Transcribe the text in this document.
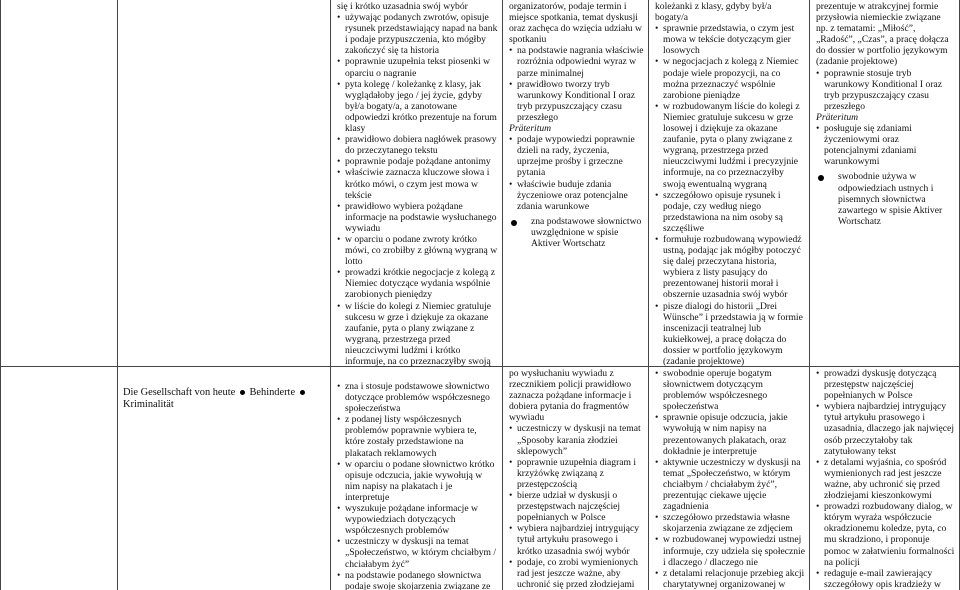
się i krótko uzasadnia swój wybór

• używając podanych zwrotów, opisuje rysunek przedstawiający napad na bank i podaje przypuszczenia, kto mógłby zakończyć się ta historia

• poprawnie uzupełnia tekst piosenki w oparciu o nagranie

• pyta kolegę / koleżankę z klasy, jak wyglądałoby jego / jej życie, gdyby był/a bogaty/a, a zanotowane odpowiedzi krótko prezentuje na forum klasy

• prawidłowo dobiera nagłówek prasowy do przeczytanego tekstu

• poprawnie podaje pożądane antonimy

• właściwie zaznacza kluczowe słowa i krótko mówi, o czym jest mowa w tekście

• prawidłowo wybiera pożądane informacje na podstawie wysłuchanego wywiadu

• w oparciu o podane zwroty krótko mówi, co zrobiłby z główną wygraną w lotto

• prowadzi krótkie negocjacje z kolegą z Niemiec dotyczące wydania wspólnie zarobionych pieniędzy

• w liście do kolegi z Niemiec gratuluje sukcesu w grze i dziękuje za okazane zaufanie, pyta o plany związane z wygraną, przestrzega przed nieuczciwymi ludźmi i krótko informuje, na co przeznaczyłby swoją

organizatorów, podaje termin i miejsce spotkania, temat dyskusji oraz zachęca do wzięcia udziału w spotkaniu

• na podstawie nagrania właściwie rozróżnia odpowiedni wyraz w parze minimalnej

• prawidłowo tworzy tryb warunkowy Konditional I oraz tryb przypuszczający czasu przeszłego

Präteritum

• podaje wypowiedzi poprawnie dzieli na rady, życzenia, uprzejme prośby i grzeczne pytania

• właściwie buduje zdania życzeniowe oraz potencjalne zdania warunkowe

zna podstawowe słownictwo uwzględnione w spisie Aktiver Wortschatz

koleżanki z klasy, gdyby był/a bogaty/a

• sprawnie przedstawia, o czym jest mowa w tekście dotyczącym gier losowych

• w negocjacjach z kolegą z Niemiec podaje wiele propozycji, na co można przeznaczyć wspólnie zarobione pieniądze

• w rozbudowanym liście do kolegi z Niemiec gratuluje sukcesu w grze losowej i dziękuje za okazane zaufanie, pyta o plany związane z wygraną, przestrzega przed nieuczciwymi ludźmi i precyzyjnie informuje, na co przeznaczyłby swoją ewentualną wygraną

• szczegółowo opisuje rysunek i podaje, czy według niego przedstawiona na nim osoby są szczęśliwe

• formułuje rozbudowaną wypowiedź ustną, podając jak mógłby potoczyć się dalej przeczytana historia, wybiera z listy pasujący do prezentowanej historii morał i obszernie uzasadnia swój wybór

• pisze dialogi do historii „Drei Wünsche” i przedstawia ją w formie inscenizacji teatralnej lub kukiełkowej, a pracę dołącza do dossier w portfolio językowym (zadanie projektowe)

prezentuje w atrakcyjnej formie przysłowia niemieckie związane np. z tematami: „Miłość”, „Radość”, „Czas”, a pracę dołącza do dossier w portfolio językowym (zadanie projektowe)

• poprawnie stosuje tryb warunkowy Konditional I oraz tryb przypuszczający czasu przeszłego

Präteritum

• posługuje się zdaniami życzeniowymi oraz potencjalnymi zdaniami warunkowymi

swobodnie używa w odpowiedziach ustnych i pisemnych słownictwa zawartego w spisie Aktiver Wortschatz

Die Gesellschaft von heute Behinderte
Kriminalität

• zna i stosuje podstawowe słownictwo dotyczące problemów współczesnego społeczeństwa

• z podanej listy współczesnych problemów poprawnie wybiera te, które zostały przedstawione na plakatach reklamowych

• w oparciu o podane słownictwo krótko opisuje odczucia, jakie wywołują w nim napisy na plakatach i je interpretuje

• wyszukuje pożądane informacje w wypowiedziach dotyczących współczesnych problemów

• uczestniczy w dyskusji na temat „Społeczeństwo, w którym chciałbym / chciałabym żyć”

• na podstawie podanego słownictwa podaje swoje skojarzenia związane ze

po wysłuchaniu wywiadu z rzecznikiem policji prawidłowo zaznacza pożądane informacje i dobiera pytania do fragmentów wywiadu

• uczestniczy w dyskusji na temat „Sposoby karania złodziei sklepowych”

• poprawnie uzupełnia diagram i krzyżówkę związaną z przestępczością

• bierze udział w dyskusji o przestępstwach najczęściej popełnianych w Polsce

• wybiera najbardziej intrygujący tytuł artykułu prasowego i krótko uzasadnia swój wybór

• podaje, co zrobi wymienionych rad jest jeszcze ważne, aby uchronić się przed złodziejami

• swobodnie operuje bogatym słownictwem dotyczącym problemów współczesnego społeczeństwa

• sprawnie opisuje odczucia, jakie wywołują w nim napisy na prezentowanych plakatach, oraz dokładnie je interpretuje

• aktywnie uczestniczy w dyskusji na temat „Społeczeństwo, w którym chciałbym / chciałabym żyć”, prezentując ciekawe ujęcie zagadnienia

• szczegółowo przedstawia własne skojarzenia związane ze zdjęciem

• w rozbudowanej wypowiedzi ustnej informuje, czy udziela się społecznie i dlaczego / dlaczego nie

• z detalami relacjonuje przebieg akcji charytatywnej organizowanej w

• prowadzi dyskusję dotyczącą przestępstw najczęściej popełnianych w Polsce

• wybiera najbardziej intrygujący tytuł artykułu prasowego i uzasadnia, dlaczego jak najwięcej osób przeczytałoby tak zatytułowany tekst

• z detalami wyjaśnia, co spośród wymienionych rad jest jeszcze ważne, aby uchronić się przed złodziejami kieszonkowymi

• prowadzi rozbudowany dialog, w którym wyraża współczucie okradzionemu koledze, pyta, co mu skradziono, i proponuje pomoc w załatwieniu formalności na policji

• redaguje e-mail zawierający szczegółowy opis kradzieży w
